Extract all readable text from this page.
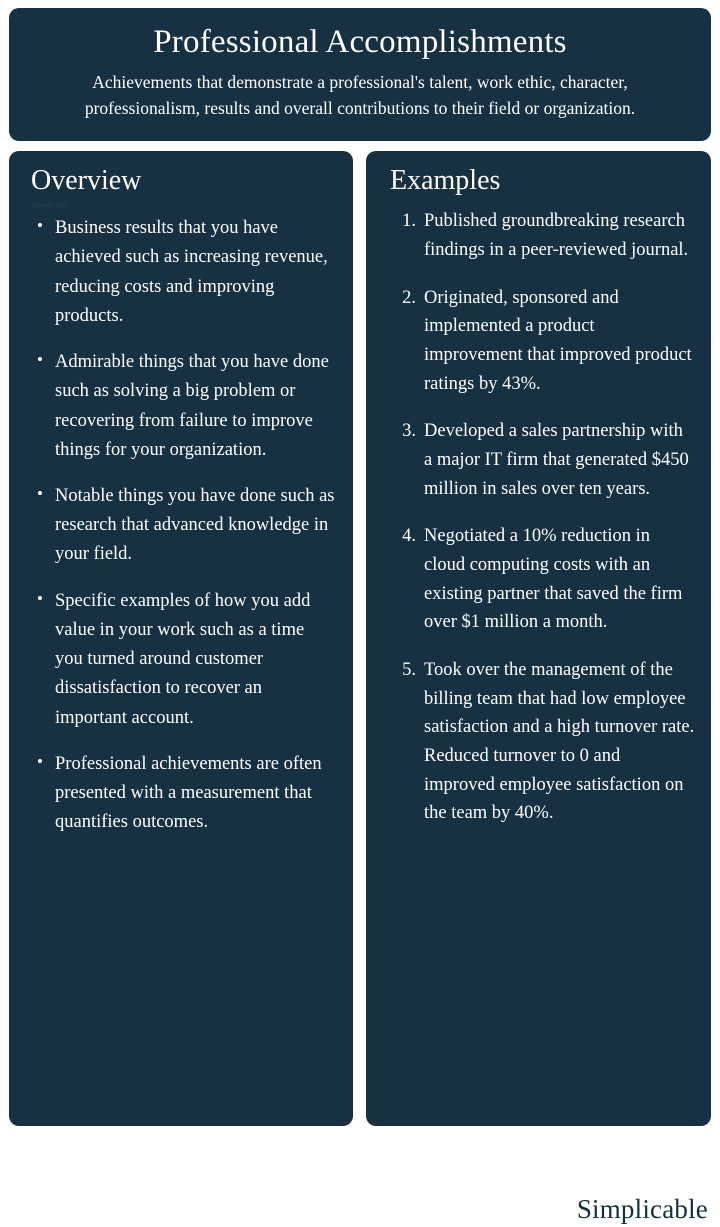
Professional Accomplishments

Achievements that demonstrate a professional's talent, work ethic, character, professionalism, results and overall contributions to their field or organization.

Overview
simplicable
• Business results that you have achieved such as increasing revenue, reducing costs and improving products.
• Admirable things that you have done such as solving a big problem or recovering from failure to improve things for your organization.
• Notable things you have done such as research that advanced knowledge in your field.
• Specific examples of how you add value in your work such as a time you turned around customer dissatisfaction to recover an important account.
• Professional achievements are often presented with a measurement that quantifies outcomes.
Examples
Published groundbreaking research findings in a peer-reviewed journal.
Originated, sponsored and implemented a product improvement that improved product ratings by 43%.
Developed a sales partnership with a major IT firm that generated $450 million in sales over ten years.
Negotiated a 10% reduction in cloud computing costs with an existing partner that saved the firm over $1 million a month.
Took over the management of the billing team that had low employee satisfaction and a high turnover rate. Reduced turnover to 0 and improved employee satisfaction on the team by 40%.
Simplicable
